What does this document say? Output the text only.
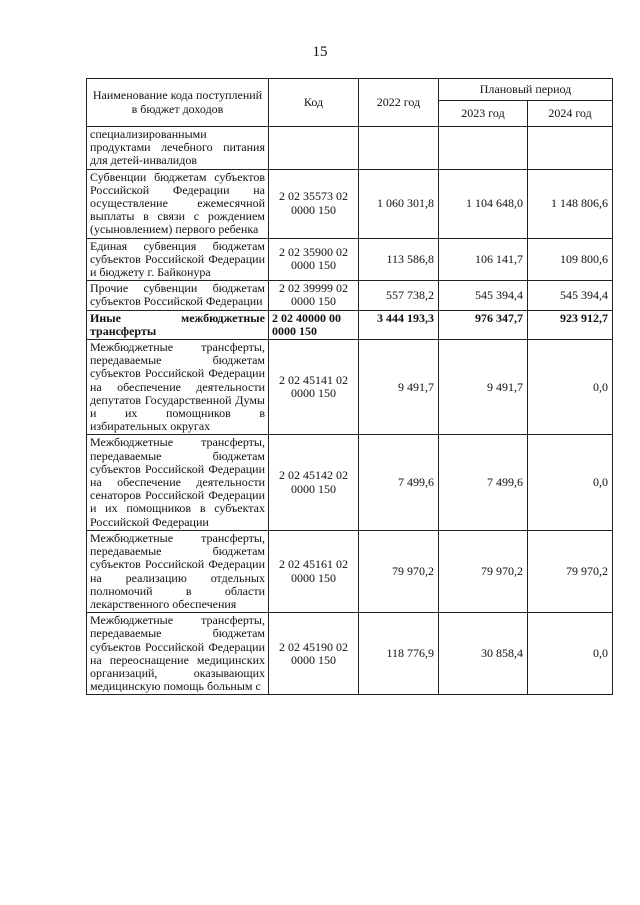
15
Наименование кода поступлений в бюджет доходов	Код	2022 год	Плановый период	
			2023 год	2024 год
специализированными продуктами лечебного питания для детей-инвалидов				
Субвенции бюджетам субъектов Российской Федерации на осуществление ежемесячной выплаты в связи с рождением (усыновлением) первого ребенка	2 02 35573 02 0000 150	1 060 301,8	1 104 648,0	1 148 806,6
Единая субвенция бюджетам субъектов Российской Федерации и бюджету г. Байконура	2 02 35900 02 0000 150	113 586,8	106 141,7	109 800,6
Прочие субвенции бюджетам субъектов Российской Федерации	2 02 39999 02 0000 150	557 738,2	545 394,4	545 394,4
Иные межбюджетные трансферты	2 02 40000 00 0000 150	3 444 193,3	976 347,7	923 912,7
Межбюджетные трансферты, передаваемые бюджетам субъектов Российской Федерации на обеспечение деятельности депутатов Государственной Думы и их помощников в избирательных округах	2 02 45141 02 0000 150	9 491,7	9 491,7	0,0
Межбюджетные трансферты, передаваемые бюджетам субъектов Российской Федерации на обеспечение деятельности сенаторов Российской Федерации и их помощников в субъектах Российской Федерации	2 02 45142 02 0000 150	7 499,6	7 499,6	0,0
Межбюджетные трансферты, передаваемые бюджетам субъектов Российской Федерации на реализацию отдельных полномочий в области лекарственного обеспечения	2 02 45161 02 0000 150	79 970,2	79 970,2	79 970,2
Межбюджетные трансферты, передаваемые бюджетам субъектов Российской Федерации на переоснащение медицинских организаций, оказывающих медицинскую помощь больным с	2 02 45190 02 0000 150	118 776,9	30 858,4	0,0
